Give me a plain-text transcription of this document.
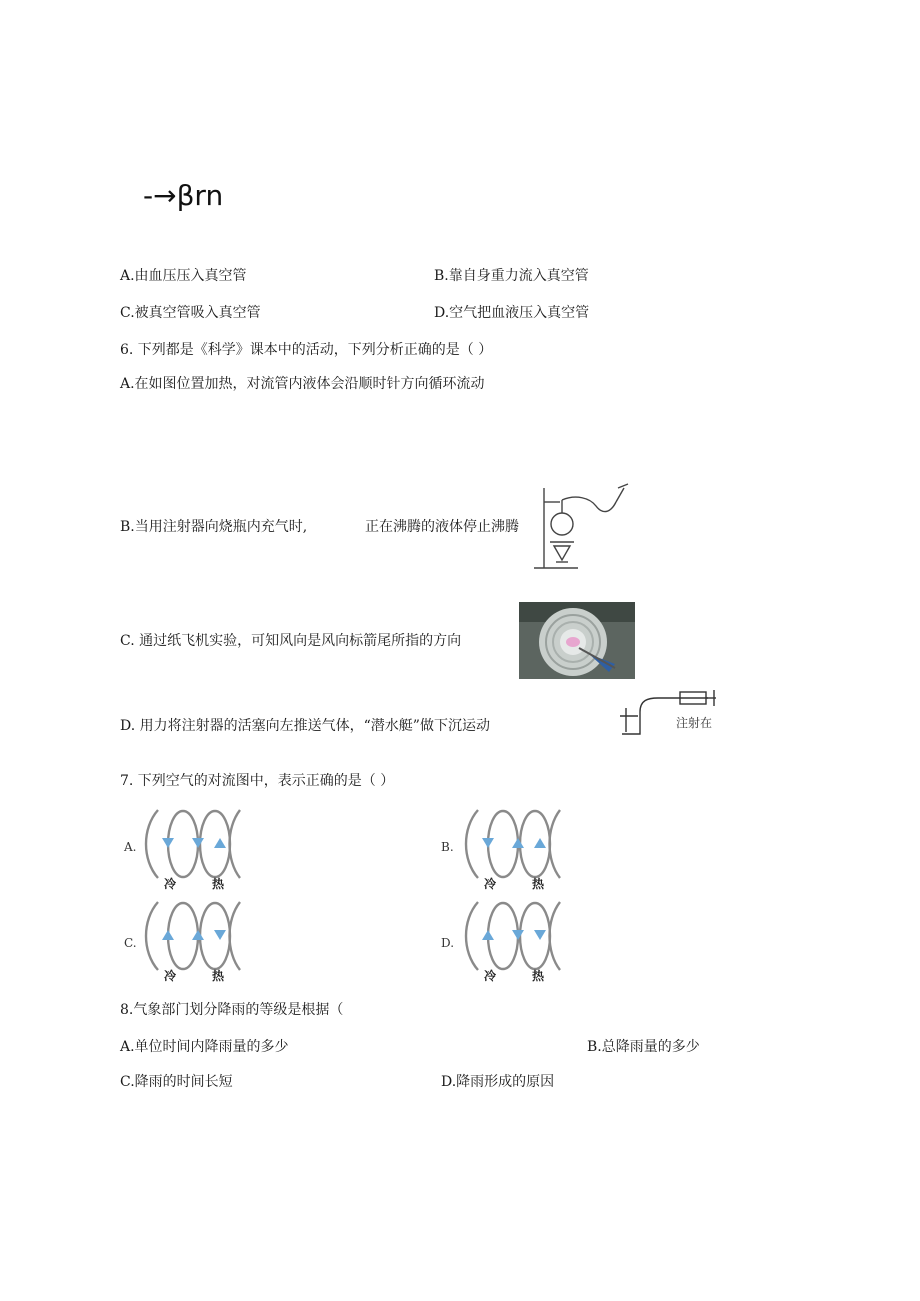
-→βrn
A.由血压压入真空管	B.靠自身重力流入真空管
C.被真空管吸入真空管	D.空气把血液压入真空管
6. 下列都是《科学》课本中的活动，下列分析正确的是（ ）
A.在如图位置加热，对流管内液体会沿顺时针方向循环流动
B.当用注射器向烧瓶内充气时,	正在沸腾的液体停止沸腾
C. 通过纸飞机实验，可知风向是风向标箭尾所指的方向
D. 用力将注射器的活塞向左推送气体，“潜水艇”做下沉运动	注射在
7. 下列空气的对流图中，表示正确的是（ ）
A.
冷	热
B.
冷	热
C.
冷	热
D.
冷	热
8.气象部门划分降雨的等级是根据（
A.单位时间内降雨量的多少	B.总降雨量的多少
C.降雨的时间长短	D.降雨形成的原因
